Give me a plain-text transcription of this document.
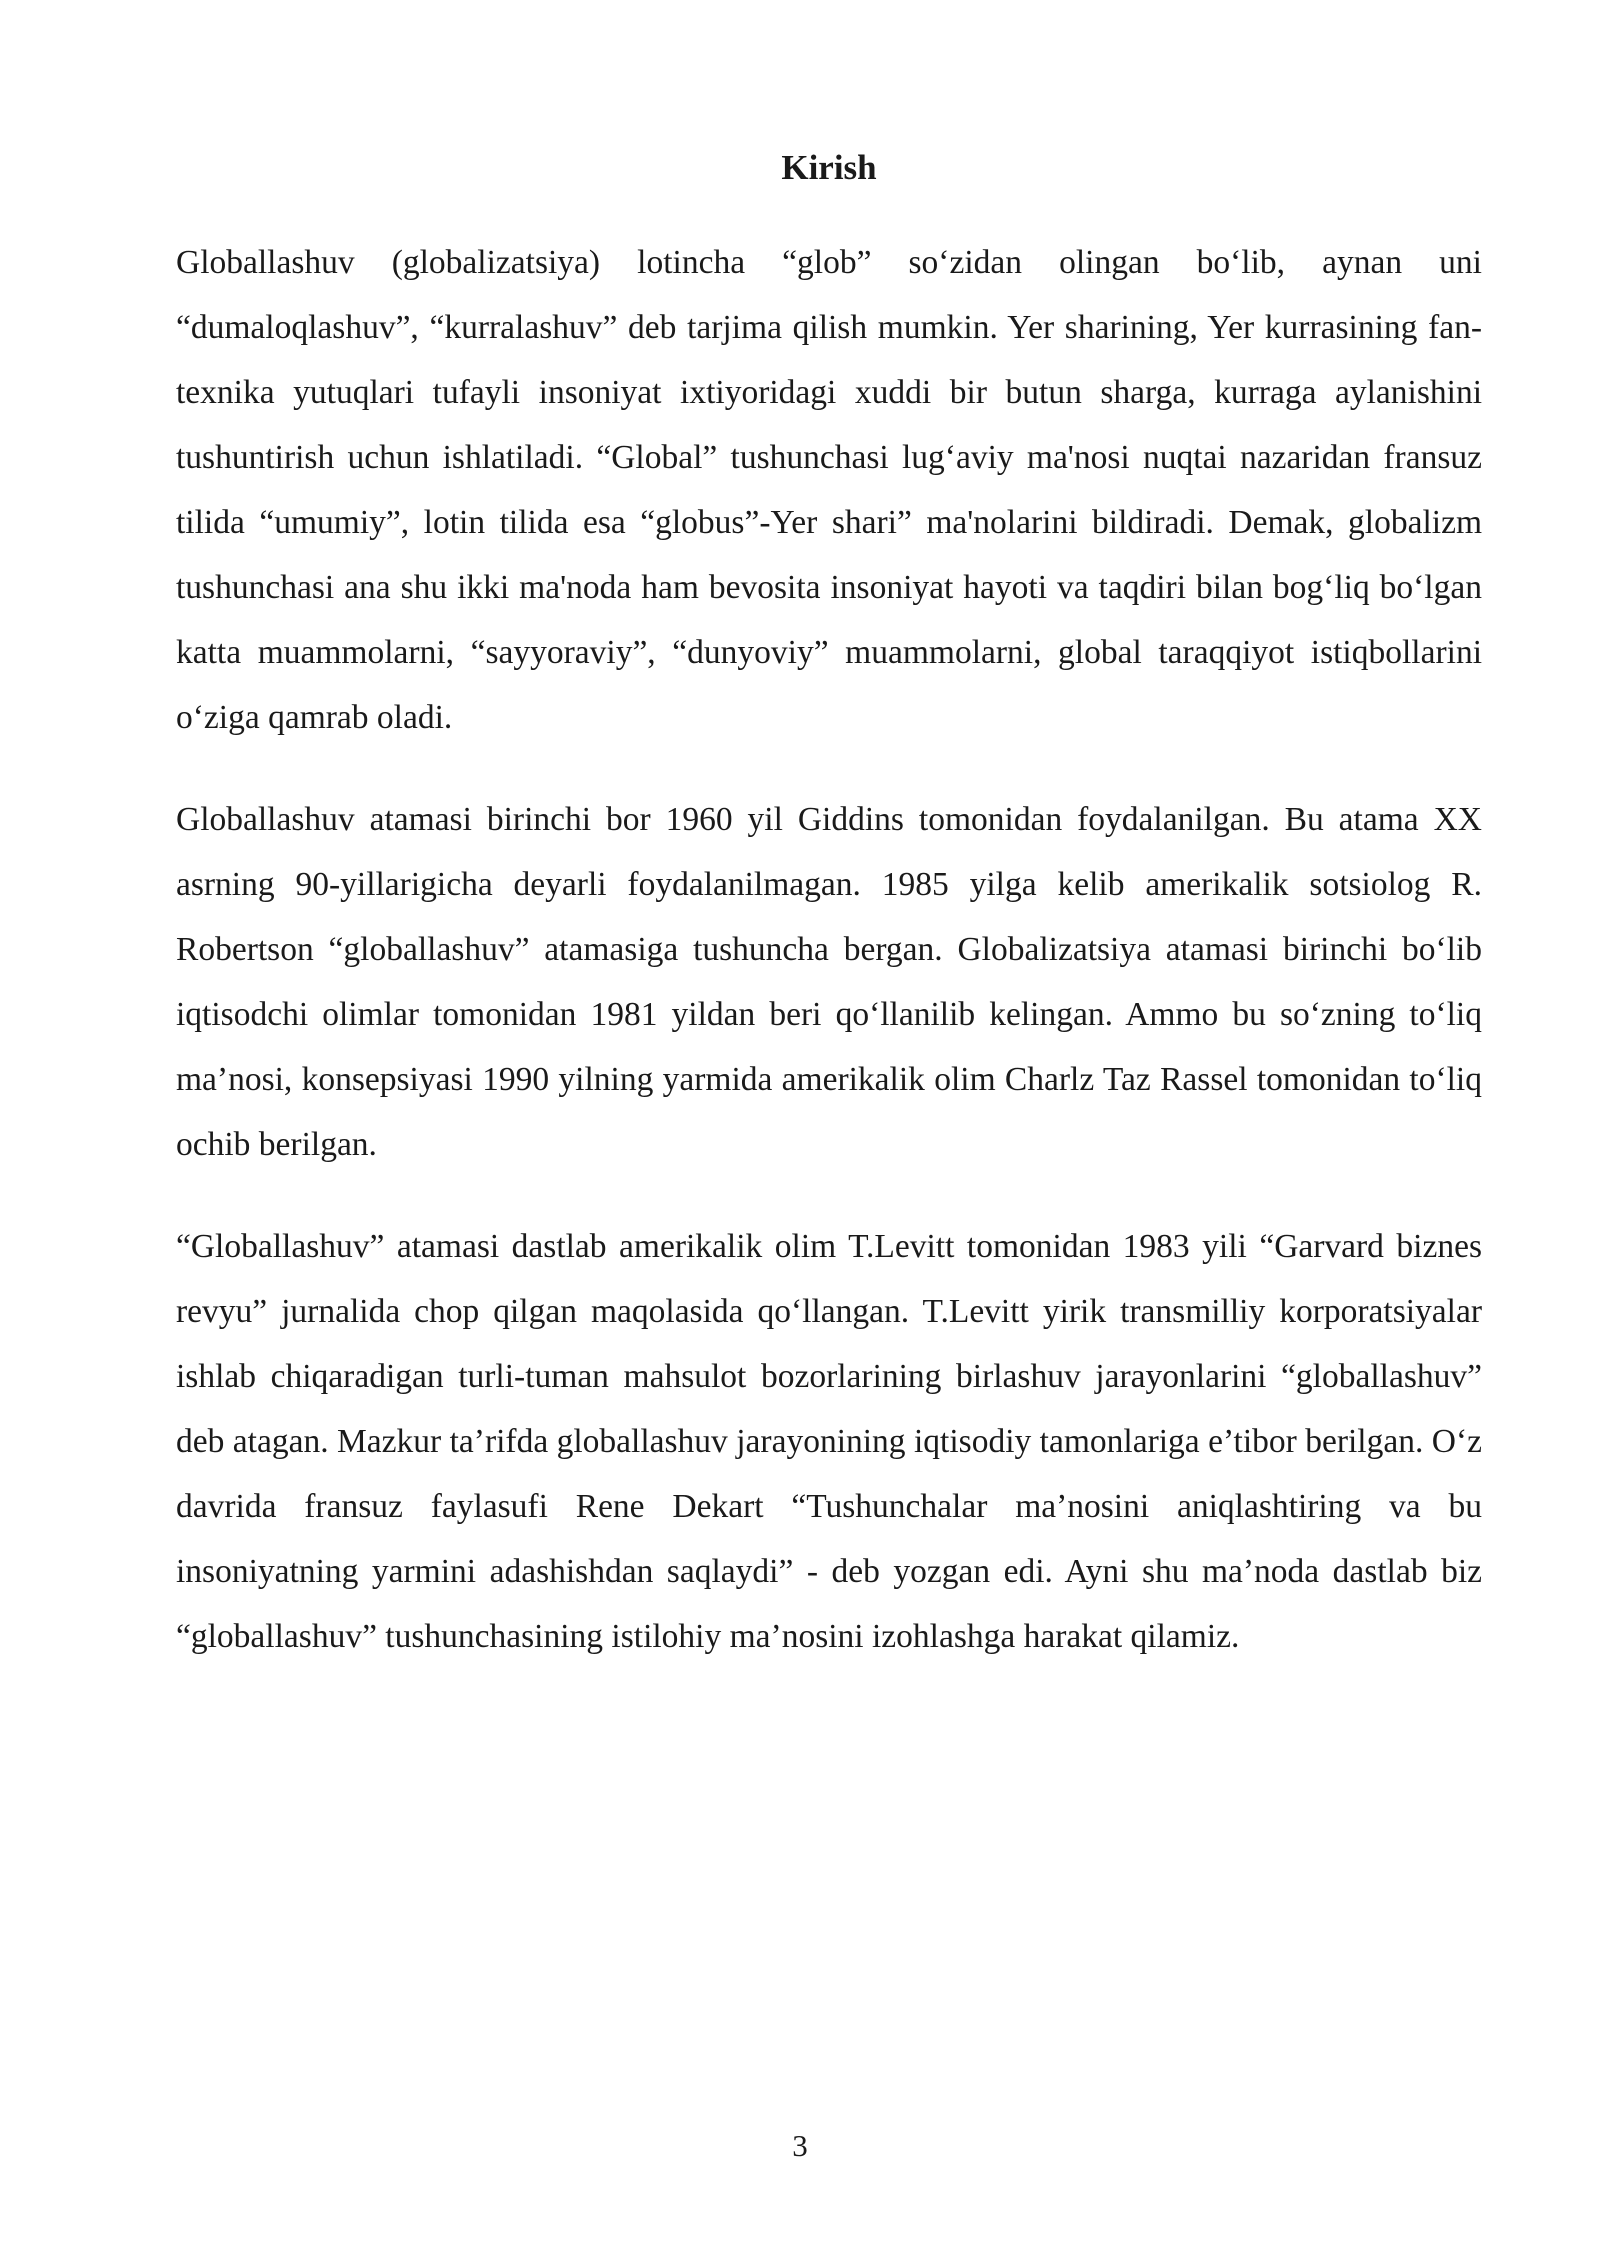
Kirish

Globallashuv (globalizatsiya) lotincha “glob” so‘zidan olingan bo‘lib, aynan uni “dumaloqlashuv”, “kurralashuv” deb tarjima qilish mumkin. Yer sharining, Yer kurrasining fan-texnika yutuqlari tufayli insoniyat ixtiyoridagi xuddi bir butun sharga, kurraga aylanishini tushuntirish uchun ishlatiladi. “Global” tushunchasi lug‘aviy ma'nosi nuqtai nazaridan fransuz tilida “umumiy”, lotin tilida esa “globus”-Yer shari” ma'nolarini bildiradi. Demak, globalizm tushunchasi ana shu ikki ma'noda ham bevosita insoniyat hayoti va taqdiri bilan bog‘liq bo‘lgan katta muammolarni, “sayyoraviy”, “dunyoviy” muammolarni, global taraqqiyot istiqbollarini o‘ziga qamrab oladi.

Globallashuv atamasi birinchi bor 1960 yil Giddins tomonidan foydalanilgan. Bu atama XX asrning 90-yillarigicha deyarli foydalanilmagan. 1985 yilga kelib amerikalik sotsiolog R. Robertson “globallashuv” atamasiga tushuncha bergan. Globalizatsiya atamasi birinchi bo‘lib iqtisodchi olimlar tomonidan 1981 yildan beri qo‘llanilib kelingan. Ammo bu so‘zning to‘liq ma’nosi, konsepsiyasi 1990 yilning yarmida amerikalik olim Charlz Taz Rassel tomonidan to‘liq ochib berilgan.

“Globallashuv” atamasi dastlab amerikalik olim T.Levitt tomonidan 1983 yili “Garvard biznes revyu” jurnalida chop qilgan maqolasida qo‘llangan. T.Levitt yirik transmilliy korporatsiyalar ishlab chiqaradigan turli-tuman mahsulot bozorlarining birlashuv jarayonlarini “globallashuv” deb atagan. Mazkur ta’rifda globallashuv jarayonining iqtisodiy tamonlariga e’tibor berilgan. O‘z davrida fransuz faylasufi Rene Dekart “Tushunchalar ma’nosini aniqlashtiring va bu insoniyatning yarmini adashishdan saqlaydi” - deb yozgan edi. Ayni shu ma’noda dastlab biz “globallashuv” tushunchasining istilohiy ma’nosini izohlashga harakat qilamiz.

3
